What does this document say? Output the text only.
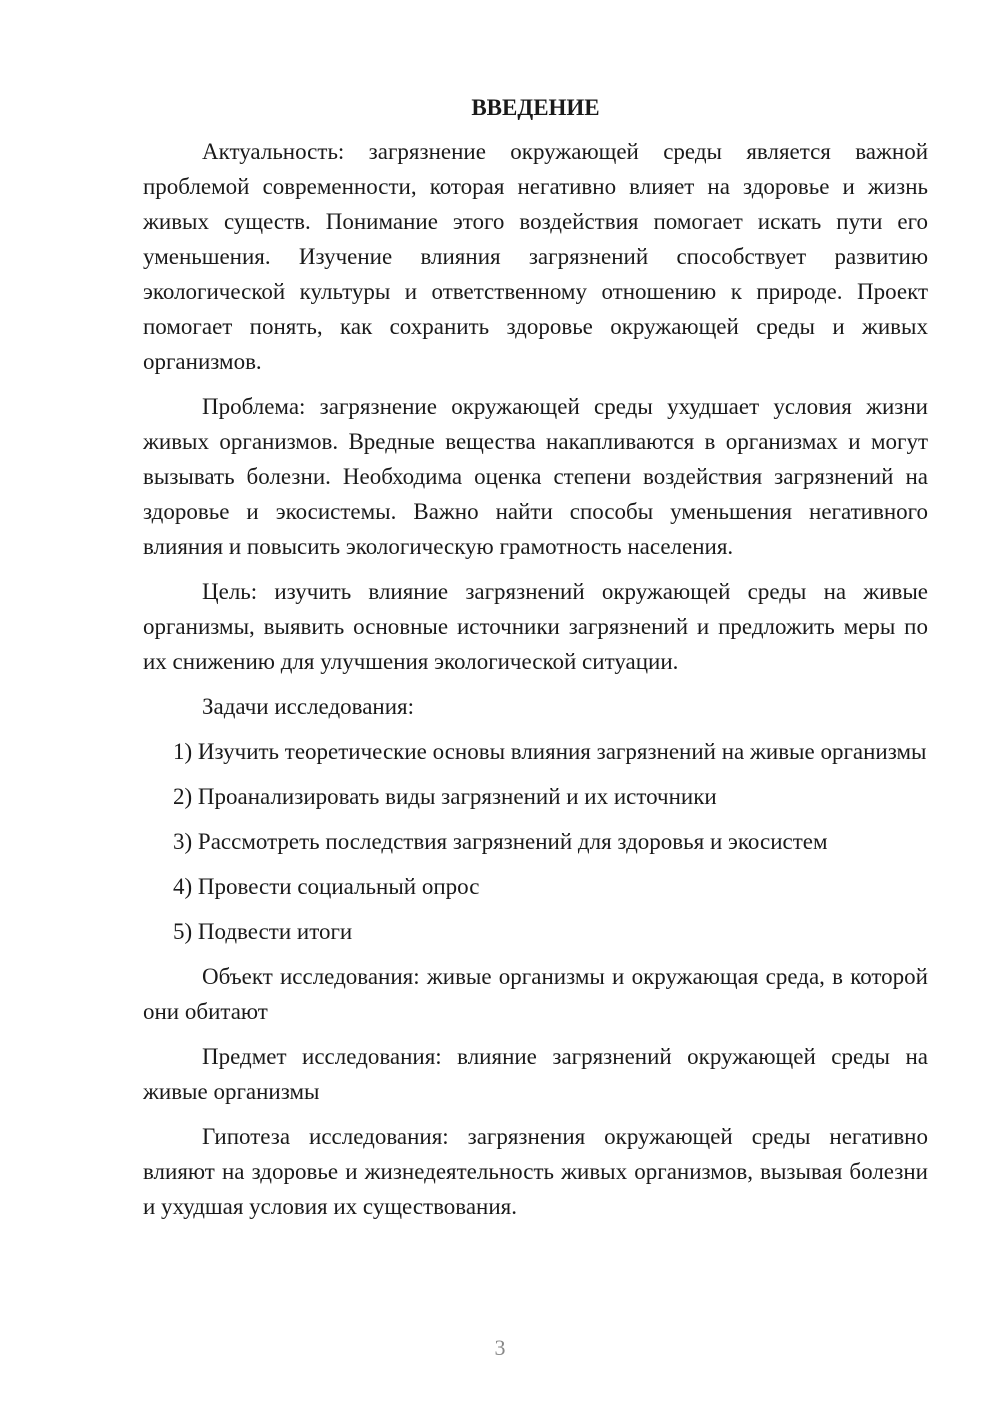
ВВЕДЕНИЕ

Актуальность: загрязнение окружающей среды является важной проблемой современности, которая негативно влияет на здоровье и жизнь живых существ. Понимание этого воздействия помогает искать пути его уменьшения. Изучение влияния загрязнений способствует развитию экологической культуры и ответственному отношению к природе. Проект помогает понять, как сохранить здоровье окружающей среды и живых организмов.

Проблема: загрязнение окружающей среды ухудшает условия жизни живых организмов. Вредные вещества накапливаются в организмах и могут вызывать болезни. Необходима оценка степени воздействия загрязнений на здоровье и экосистемы. Важно найти способы уменьшения негативного влияния и повысить экологическую грамотность населения.

Цель: изучить влияние загрязнений окружающей среды на живые организмы, выявить основные источники загрязнений и предложить меры по их снижению для улучшения экологической ситуации.

Задачи исследования:

1) Изучить теоретические основы влияния загрязнений на живые организмы

2) Проанализировать виды загрязнений и их источники

3) Рассмотреть последствия загрязнений для здоровья и экосистем

4) Провести социальный опрос

5) Подвести итоги

Объект исследования: живые организмы и окружающая среда, в которой они обитают

Предмет исследования: влияние загрязнений окружающей среды на живые организмы

Гипотеза исследования: загрязнения окружающей среды негативно влияют на здоровье и жизнедеятельность живых организмов, вызывая болезни и ухудшая условия их существования.

3
